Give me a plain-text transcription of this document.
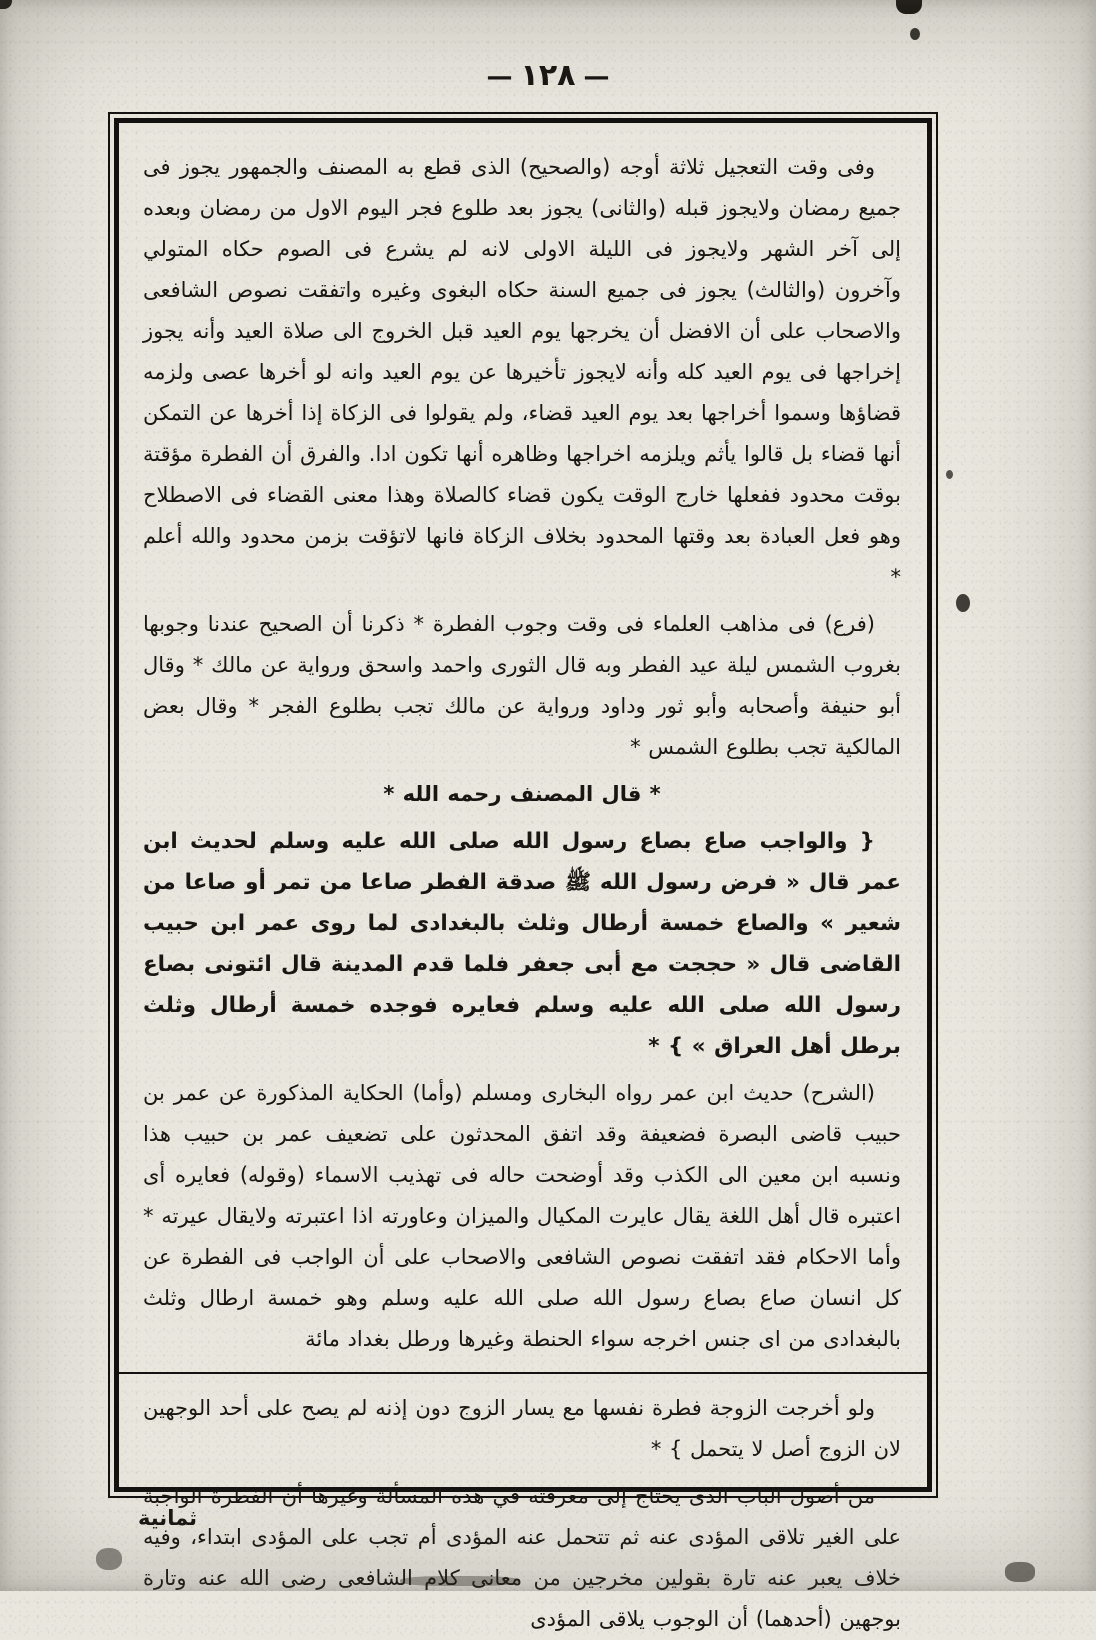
—١٢٨—

وفى وقت التعجيل ثلاثة أوجه (والصحيح) الذى قطع به المصنف والجمهور يجوز فى جميع رمضان ولايجوز قبله (والثانى) يجوز بعد طلوع فجر اليوم الاول من رمضان وبعده إلى آخر الشهر ولايجوز فى الليلة الاولى لانه لم يشرع فى الصوم حكاه المتولي وآخرون (والثالث) يجوز فى جميع السنة حكاه البغوى وغيره واتفقت نصوص الشافعى والاصحاب على أن الافضل أن يخرجها يوم العيد قبل الخروج الى صلاة العيد وأنه يجوز إخراجها فى يوم العيد كله وأنه لايجوز تأخيرها عن يوم العيد وانه لو أخرها عصى ولزمه قضاؤها وسموا أخراجها بعد يوم العيد قضاء، ولم يقولوا فى الزكاة إذا أخرها عن التمكن أنها قضاء بل قالوا يأثم ويلزمه اخراجها وظاهره أنها تكون ادا. والفرق أن الفطرة مؤقتة بوقت محدود ففعلها خارج الوقت يكون قضاء كالصلاة وهذا معنى القضاء فى الاصطلاح وهو فعل العبادة بعد وقتها المحدود بخلاف الزكاة فانها لاتؤقت بزمن محدود والله أعلم *

(فرع) فى مذاهب العلماء فى وقت وجوب الفطرة * ذكرنا أن الصحيح عندنا وجوبها بغروب الشمس ليلة عيد الفطر وبه قال الثورى واحمد واسحق ورواية عن مالك * وقال أبو حنيفة وأصحابه وأبو ثور وداود ورواية عن مالك تجب بطلوع الفجر * وقال بعض المالكية تجب بطلوع الشمس *

* قال المصنف رحمه الله *

{ والواجب صاع بصاع رسول الله صلى الله عليه وسلم لحديث ابن عمر قال « فرض رسول الله ﷺ صدقة الفطر صاعا من تمر أو صاعا من شعير » والصاع خمسة أرطال وثلث بالبغدادى لما روى عمر ابن حبيب القاضى قال « حججت مع أبى جعفر فلما قدم المدينة قال ائتونى بصاع رسول الله صلى الله عليه وسلم فعايره فوجده خمسة أرطال وثلث برطل أهل العراق » } *

(الشرح) حديث ابن عمر رواه البخارى ومسلم (وأما) الحكاية المذكورة عن عمر بن حبيب قاضى البصرة فضعيفة وقد اتفق المحدثون على تضعيف عمر بن حبيب هذا ونسبه ابن معين الى الكذب وقد أوضحت حاله فى تهذيب الاسماء (وقوله) فعايره أى اعتبره قال أهل اللغة يقال عايرت المكيال والميزان وعاورته اذا اعتبرته ولايقال عيرته * وأما الاحكام فقد اتفقت نصوص الشافعى والاصحاب على أن الواجب فى الفطرة عن كل انسان صاع بصاع رسول الله صلى الله عليه وسلم وهو خمسة ارطال وثلث بالبغدادى من اى جنس اخرجه سواء الحنطة وغيرها ورطل بغداد مائة

ولو أخرجت الزوجة فطرة نفسها مع يسار الزوج دون إذنه لم يصح على أحد الوجهين لان الزوج أصل لا يتحمل } *

من أصول الباب الذى يحتاج إلى معرفته في هذه المسألة وغيرها أن الفطرة الواجبة على الغير تلاقى المؤدى عنه ثم تتحمل عنه المؤدى أم تجب على المؤدى ابتداء، وفيه خلاف يعبر عنه تارة بقولين مخرجين من معانى كلام الشافعى رضى الله عنه وتارة بوجهين (أحدهما) أن الوجوب يلاقى المؤدى

ثمانية
